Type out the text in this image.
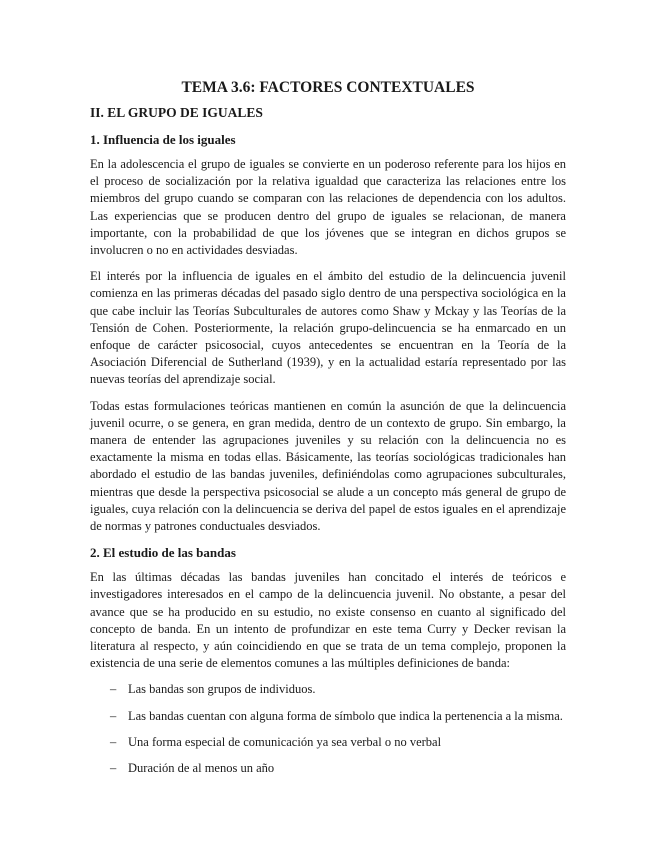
TEMA 3.6: FACTORES CONTEXTUALES
II. EL GRUPO DE IGUALES
1. Influencia de los iguales

En la adolescencia el grupo de iguales se convierte en un poderoso referente para los hijos en el proceso de socialización por la relativa igualdad que caracteriza las relaciones entre los miembros del grupo cuando se comparan con las relaciones de dependencia con los adultos. Las experiencias que se producen dentro del grupo de iguales se relacionan, de manera importante, con la probabilidad de que los jóvenes que se integran en dichos grupos se involucren o no en actividades desviadas.

El interés por la influencia de iguales en el ámbito del estudio de la delincuencia juvenil comienza en las primeras décadas del pasado siglo dentro de una perspectiva sociológica en la que cabe incluir las Teorías Subculturales de autores como Shaw y Mckay y las Teorías de la Tensión de Cohen. Posteriormente, la relación grupo-delincuencia se ha enmarcado en un enfoque de carácter psicosocial, cuyos antecedentes se encuentran en la Teoría de la Asociación Diferencial de Sutherland (1939), y en la actualidad estaría representado por las nuevas teorías del aprendizaje social.

Todas estas formulaciones teóricas mantienen en común la asunción de que la delincuencia juvenil ocurre, o se genera, en gran medida, dentro de un contexto de grupo. Sin embargo, la manera de entender las agrupaciones juveniles y su relación con la delincuencia no es exactamente la misma en todas ellas. Básicamente, las teorías sociológicas tradicionales han abordado el estudio de las bandas juveniles, definiéndolas como agrupaciones subculturales, mientras que desde la perspectiva psicosocial se alude a un concepto más general de grupo de iguales, cuya relación con la delincuencia se deriva del papel de estos iguales en el aprendizaje de normas y patrones conductuales desviados.

2. El estudio de las bandas

En las últimas décadas las bandas juveniles han concitado el interés de teóricos e investigadores interesados en el campo de la delincuencia juvenil. No obstante, a pesar del avance que se ha producido en su estudio, no existe consenso en cuanto al significado del concepto de banda. En un intento de profundizar en este tema Curry y Decker revisan la literatura al respecto, y aún coincidiendo en que se trata de un tema complejo, proponen la existencia de una serie de elementos comunes a las múltiples definiciones de banda:

– Las bandas son grupos de individuos.
– Las bandas cuentan con alguna forma de símbolo que indica la pertenencia a la misma.
– Una forma especial de comunicación ya sea verbal o no verbal
– Duración de al menos un año
